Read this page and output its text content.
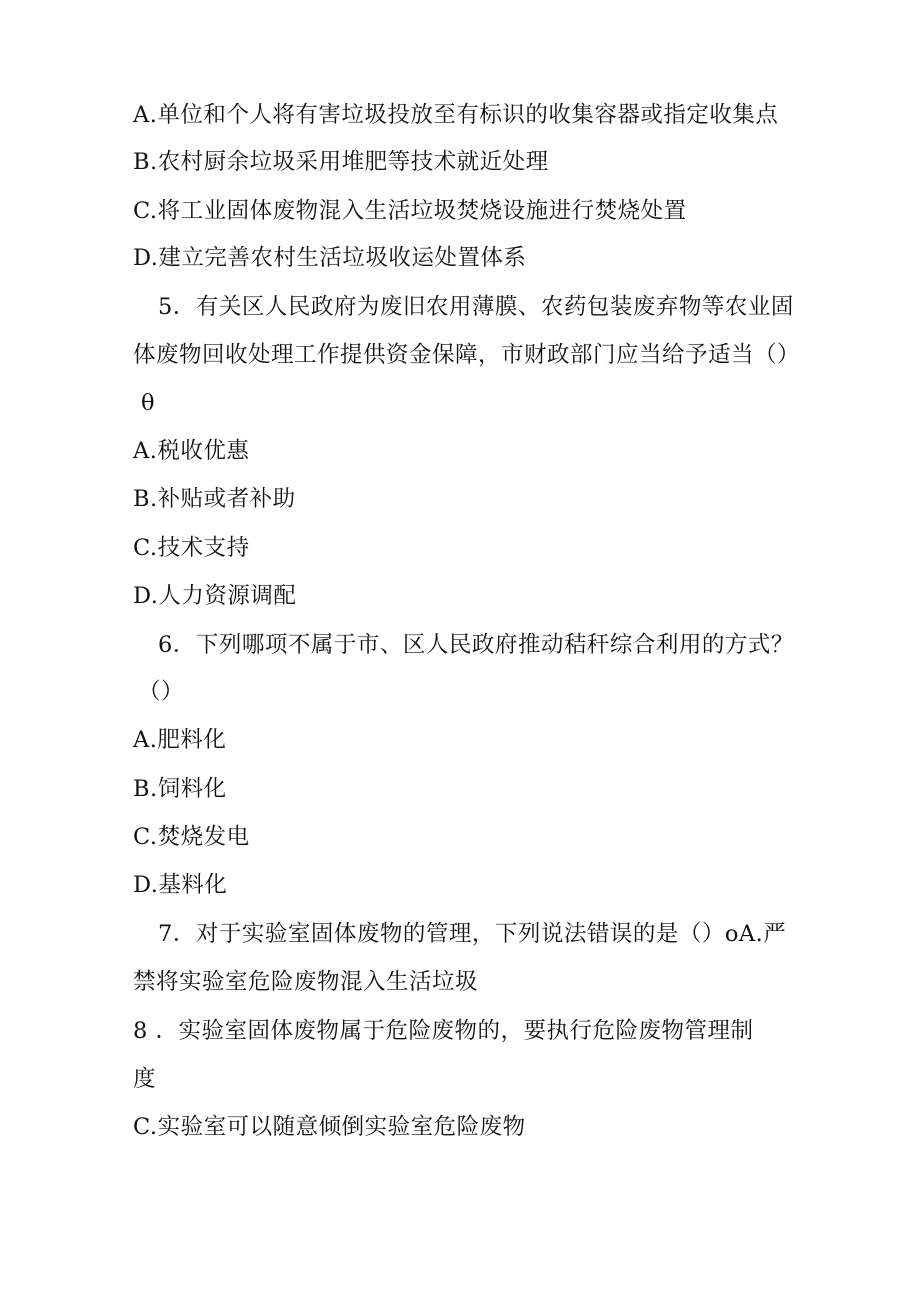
A.单位和个人将有害垃圾投放至有标识的收集容器或指定收集点
B.农村厨余垃圾采用堆肥等技术就近处理
C.将工业固体废物混入生活垃圾焚烧设施进行焚烧处置
D.建立完善农村生活垃圾收运处置体系
5．有关区人民政府为废旧农用薄膜、农药包装废弃物等农业固
体废物回收处理工作提供资金保障，市财政部门应当给予适当（）
θ
A.税收优惠
B.补贴或者补助
C.技术支持
D.人力资源调配
6．下列哪项不属于市、区人民政府推动秸秆综合利用的方式？
（）
A.肥料化
B.饲料化
C.焚烧发电
D.基料化
7．对于实验室固体废物的管理，下列说法错误的是（）oA.严
禁将实验室危险废物混入生活垃圾
8 ．实验室固体废物属于危险废物的，要执行危险废物管理制
度
C.实验室可以随意倾倒实验室危险废物
